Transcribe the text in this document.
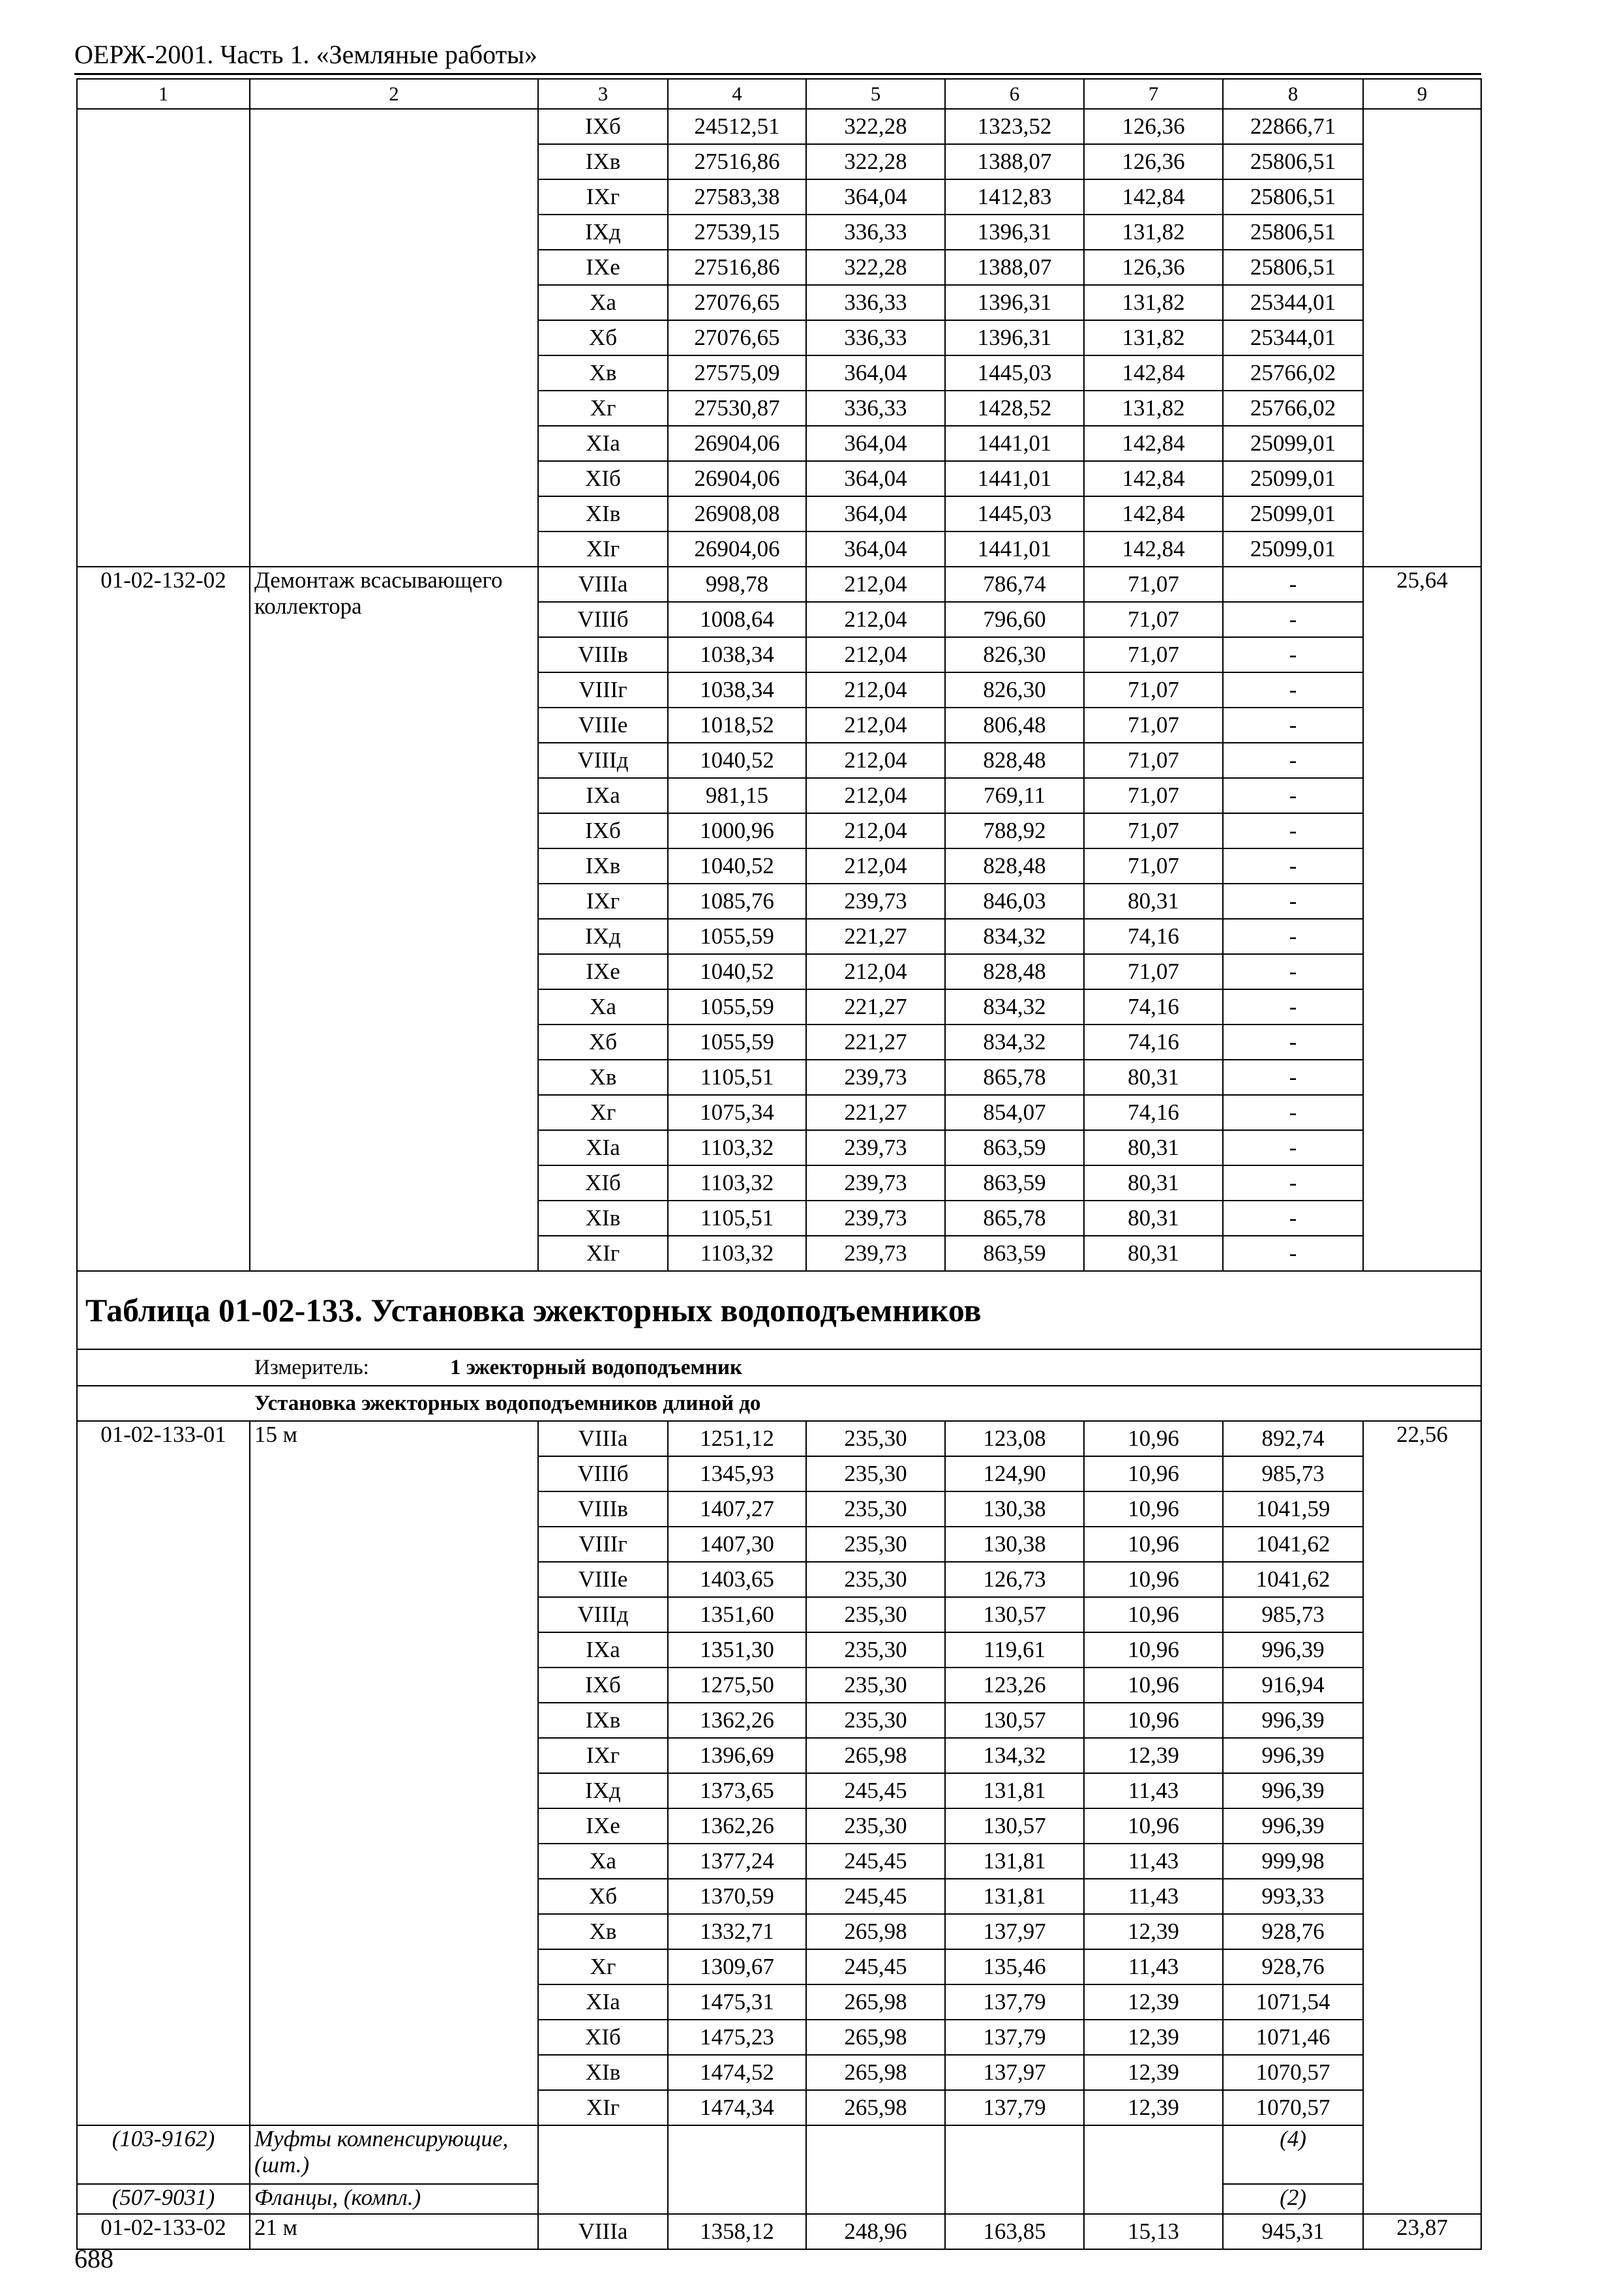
ОЕРЖ-2001. Часть 1. «Земляные работы»
1	2	3	4	5	6	7	8	9
		IXб	24512,51	322,28	1323,52	126,36	22866,71	
		IXв	27516,86	322,28	1388,07	126,36	25806,51	
		IXг	27583,38	364,04	1412,83	142,84	25806,51	
		IXд	27539,15	336,33	1396,31	131,82	25806,51	
		IXе	27516,86	322,28	1388,07	126,36	25806,51	
		Xа	27076,65	336,33	1396,31	131,82	25344,01	
		Xб	27076,65	336,33	1396,31	131,82	25344,01	
		Xв	27575,09	364,04	1445,03	142,84	25766,02	
		Xг	27530,87	336,33	1428,52	131,82	25766,02	
		XIа	26904,06	364,04	1441,01	142,84	25099,01	
		XIб	26904,06	364,04	1441,01	142,84	25099,01	
		XIв	26908,08	364,04	1445,03	142,84	25099,01	
		XIг	26904,06	364,04	1441,01	142,84	25099,01	
01-02-132-02	Демонтаж всасывающего коллектора	VIIIа	998,78	212,04	786,74	71,07	-	25,64
		VIIIб	1008,64	212,04	796,60	71,07	-	
		VIIIв	1038,34	212,04	826,30	71,07	-	
		VIIIг	1038,34	212,04	826,30	71,07	-	
		VIIIе	1018,52	212,04	806,48	71,07	-	
		VIIIд	1040,52	212,04	828,48	71,07	-	
		IXа	981,15	212,04	769,11	71,07	-	
		IXб	1000,96	212,04	788,92	71,07	-	
		IXв	1040,52	212,04	828,48	71,07	-	
		IXг	1085,76	239,73	846,03	80,31	-	
		IXд	1055,59	221,27	834,32	74,16	-	
		IXе	1040,52	212,04	828,48	71,07	-	
		Xа	1055,59	221,27	834,32	74,16	-	
		Xб	1055,59	221,27	834,32	74,16	-	
		Xв	1105,51	239,73	865,78	80,31	-	
		Xг	1075,34	221,27	854,07	74,16	-	
		XIа	1103,32	239,73	863,59	80,31	-	
		XIб	1103,32	239,73	863,59	80,31	-	
		XIв	1105,51	239,73	865,78	80,31	-	
		XIг	1103,32	239,73	863,59	80,31	-	
Таблица 01-02-133. Установка эжекторных водоподъемников								
Измеритель: 1 эжекторный водоподъемник								
Установка эжекторных водоподъемников длиной до								
01-02-133-01	15 м	VIIIа	1251,12	235,30	123,08	10,96	892,74	22,56
		VIIIб	1345,93	235,30	124,90	10,96	985,73	
		VIIIв	1407,27	235,30	130,38	10,96	1041,59	
		VIIIг	1407,30	235,30	130,38	10,96	1041,62	
		VIIIе	1403,65	235,30	126,73	10,96	1041,62	
		VIIIд	1351,60	235,30	130,57	10,96	985,73	
		IXа	1351,30	235,30	119,61	10,96	996,39	
		IXб	1275,50	235,30	123,26	10,96	916,94	
		IXв	1362,26	235,30	130,57	10,96	996,39	
		IXг	1396,69	265,98	134,32	12,39	996,39	
		IXд	1373,65	245,45	131,81	11,43	996,39	
		IXе	1362,26	235,30	130,57	10,96	996,39	
		Xа	1377,24	245,45	131,81	11,43	999,98	
		Xб	1370,59	245,45	131,81	11,43	993,33	
		Xв	1332,71	265,98	137,97	12,39	928,76	
		Xг	1309,67	245,45	135,46	11,43	928,76	
		XIа	1475,31	265,98	137,79	12,39	1071,54	
		XIб	1475,23	265,98	137,79	12,39	1071,46	
		XIв	1474,52	265,98	137,97	12,39	1070,57	
		XIг	1474,34	265,98	137,79	12,39	1070,57	
(103-9162)	Муфты компенсирующие, (шт.)						(4)	
(507-9031)	Фланцы, (компл.)						(2)	
01-02-133-02	21 м	VIIIа	1358,12	248,96	163,85	15,13	945,31	23,87
688
